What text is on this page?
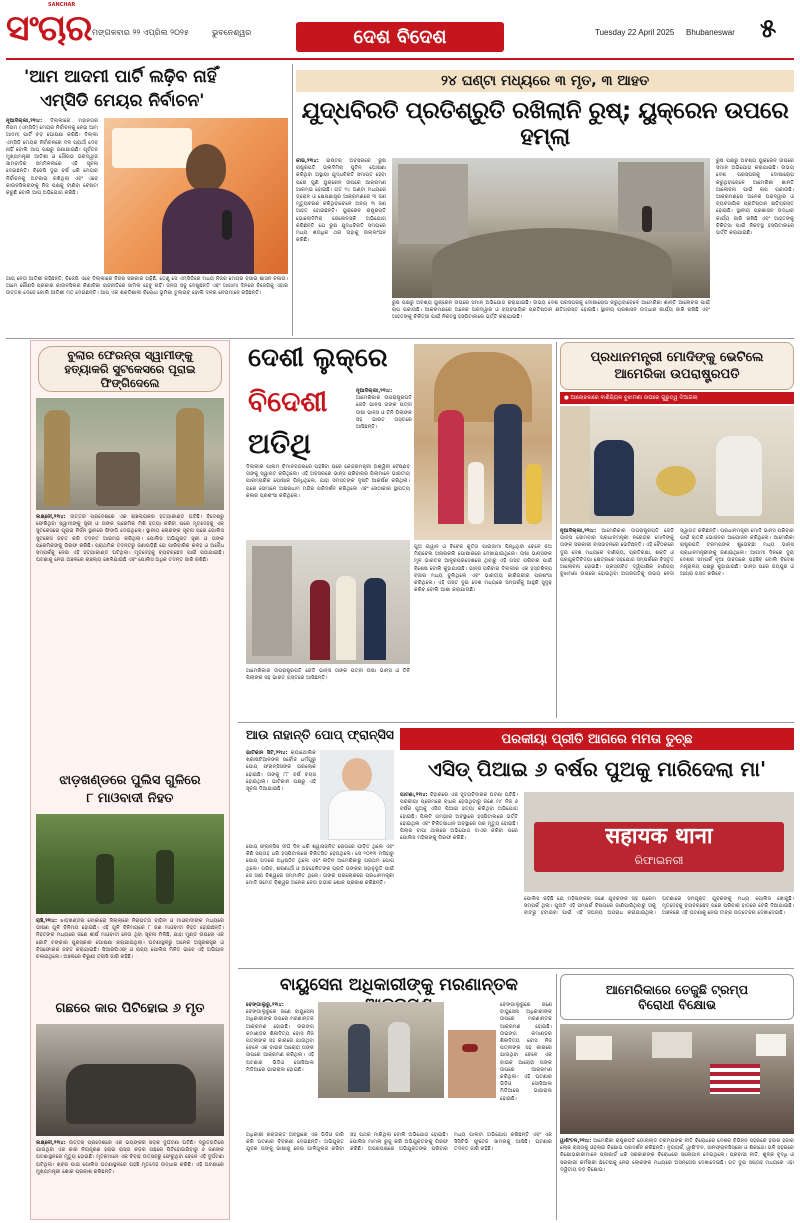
ସଂଚାର
SANCHAR
ମଙ୍ଗଳବାର ୨୨ ଏପ୍ରିଲ ୨୦୨୫	ଭୁବନେଶ୍ୱର	ଦେଶ ବିଦେଶ	Tuesday 22 April 2025 Bhubaneswar ୫
'ଆମ ଆଦମୀ ପାର୍ଟି ଲଢ଼ିବ ନାହିଁ
ଏମ୍‌ସିଡି ମେୟର ନିର୍ବାଚନ'
ନୂଆଦିଲ୍ଲୀ,୨୧ା୪: ଦିଲ୍ଲୀରେ ମହାନଗର ନିଗମ (ଏମ୍‌ସିଡି) ମେୟର ନିର୍ବାଚନକୁ ନେଇ ଆମ ଆଦମୀ ପାର୍ଟି ବଡ଼ ଘୋଷଣା କରିଛି। ଦିଲ୍ଲୀ ଏମ୍‌ସିଡି ମେୟର ନିର୍ବାଚନରେ ଦଳ ପ୍ରାର୍ଥୀ ଦେବ ନାହିଁ ବୋଲି ଆପ୍‌ ପକ୍ଷରୁ ଜଣାଯାଇଛି। ପୂର୍ବତନ ମୁଖ୍ୟମନ୍ତ୍ରୀ ଆତିଶୀ ଓ ସୌରଭ ଭରଦ୍ୱାଜ ସାମ୍ବାଦିକ ସମ୍ମିଳନୀରେ ଏହି ସୂଚନା ଦେଇଛନ୍ତି। ବିଜେପି ଦୁଇ ବର୍ଷ ଧରି ମେୟର ନିର୍ବାଚନକୁ ଅଟକାଇ ରଖିଥିଲା ଏବଂ ଏବେ କାଉନସିଲରଙ୍କୁ ନିଜ ପକ୍ଷକୁ ଟାଣିବା ଚେଷ୍ଟା କରୁଛି ବୋଲି ଆପ୍‌ ଅଭିଯୋଗ କରିଛି।
ଆପ୍‌ ନେତା ଆତିଶୀ କହିଛନ୍ତି, ବିଜେପି ଏବେ ଦିଲ୍ଲୀରେ ନିଜର ସରକାର ଗଢ଼ିଛି, ତେଣୁ ସେ ଏମ୍‌ସିଡିରେ ମଧ୍ୟ ନିଜର ମେୟର ବସାଇ ଶାସନ ଚଳାଉ। ଆମେ କୌଣସି ପ୍ରକାର କାଉନସିଲର କିଣାବିକା ରାଜନୀତିରେ ସାମିଲ ହେବୁ ନାହିଁ। ଜନତା ସବୁ ଦେଖୁଛନ୍ତି ଏବଂ ଆଗାମୀ ଦିନରେ ବିଜେପିକୁ ଏହାର ଉତ୍ତର ଦେବେ ବୋଲି ଆତିଶୀ ମତ ଦେଇଛନ୍ତି। ଆପ୍‌ ଏକ ଶକ୍ତିଶାଳୀ ବିରୋଧୀ ଭୂମିକା ତୁଲାଇବ ବୋଲି ଦଳର ନେତାମାନେ କହିଛନ୍ତି।
୨୪ ଘଣ୍ଟା ମଧ୍ୟରେ ୩ ମୃତ, ୩ ଆହତ
ଯୁଦ୍ଧବିରତି ପ୍ରତିଶ୍ରୁତି ରଖିଲାନି ରୁଷ୍; ୟୁକ୍ରେନ ଉପରେ ହମ୍‌ଲା
କୀଭ,୨୧ା୪: ଇଷ୍ଟର ଅବସରରେ ରୁଷ ରାଷ୍ଟ୍ରପତି ଭ୍ଲାଦିମିର୍ ପୁଟିନ୍ ଘୋଷଣା କରିଥିବା ଅସ୍ଥାୟୀ ଯୁଦ୍ଧବିରତି ସମାପ୍ତ ହେବା ପରେ ପୁଣି ୟୁକ୍ରେନ ଉପରେ ଆକ୍ରମଣ ଆରମ୍ଭ ହୋଇଛି। ଗତ ୨୪ ଘଣ୍ଟା ମଧ୍ୟରେ ଡ୍ରୋନ ଓ କ୍ଷେପଣାସ୍ତ୍ର ଆକ୍ରମଣରେ ୩ ଜଣ ମୃତ୍ୟୁବରଣ କରିଥିବାବେଳେ ଅନ୍ୟ ୩ ଜଣ ଆହତ ହୋଇଛନ୍ତି। ୟୁକ୍ରେନ ରାଷ୍ଟ୍ରପତି ଭୋଲୋଦିମିର୍ ଜେଲେନ୍‌ସ୍କି ଅଭିଯୋଗ କରିଛନ୍ତି ଯେ ରୁଷ ଯୁଦ୍ଧବିରତି ସମୟରେ ମଧ୍ୟ ଶତାଧିକ ଥର ତାହାକୁ ଉଲ୍ଲଂଘନ କରିଛି।
ରୁଷ ପକ୍ଷରୁ ଅବଶ୍ୟ ୟୁକ୍ରେନ ଉପରେ ସମାନ ଅଭିଯୋଗ କରାଯାଇଛି। ଉଭୟ ଦେଶ ପରସ୍ପରକୁ ଦୋଷାରୋପ କରୁଥିବାବେଳେ ଆମେରିକା ଶାନ୍ତି ଆଲୋଚନା ପାଇଁ ଚାପ ପକାଉଛି। ଆକ୍ରମଣରେ ଅନେକ ଘରଦ୍ୱାର ଓ ବ୍ୟବସାୟିକ ପ୍ରତିଷ୍ଠାନ କ୍ଷତିଗ୍ରସ୍ତ ହୋଇଛି। ସ୍ଥାନୀୟ ପ୍ରଶାସନ ଉଦ୍ଧାର କାର୍ଯ୍ୟ ଜାରି ରଖିଛି ଏବଂ ଆହତଙ୍କୁ ଚିକିତ୍ସା ପାଇଁ ନିକଟସ୍ଥ ହସ୍ପିଟାଲରେ ଭର୍ତ୍ତି କରାଯାଇଛି।
ରୁଷ ପକ୍ଷରୁ ଅବଶ୍ୟ ୟୁକ୍ରେନ ଉପରେ ସମାନ ଅଭିଯୋଗ କରାଯାଇଛି। ଉଭୟ ଦେଶ ପରସ୍ପରକୁ ଦୋଷାରୋପ କରୁଥିବାବେଳେ ଆମେରିକା ଶାନ୍ତି ଆଲୋଚନା ପାଇଁ ଚାପ ପକାଉଛି। ଆକ୍ରମଣରେ ଅନେକ ଘରଦ୍ୱାର ଓ ବ୍ୟବସାୟିକ ପ୍ରତିଷ୍ଠାନ କ୍ଷତିଗ୍ରସ୍ତ ହୋଇଛି। ସ୍ଥାନୀୟ ପ୍ରଶାସନ ଉଦ୍ଧାର କାର୍ଯ୍ୟ ଜାରି ରଖିଛି ଏବଂ ଆହତଙ୍କୁ ଚିକିତ୍ସା ପାଇଁ ନିକଟସ୍ଥ ହସ୍ପିଟାଲରେ ଭର୍ତ୍ତି କରାଯାଇଛି।
ବୁଲାର ଫେରନ୍ତା ସ୍ୱାମୀଙ୍କୁ ହତ୍ୟାକରି ସୁଟକେସରେ ପୂରାଇ ଫିଙ୍ଗିଦେଲେ
ଲକ୍ଷ୍ନୌ,୨୧ା୪: ଉତ୍ତର ପ୍ରଦେଶରେ ଏକ ଚାଞ୍ଚଲ୍ୟକର ହତ୍ୟାକାଣ୍ଡ ଘଟିଛି। ବିଦେଶରୁ ଫେରିଥିବା ସ୍ୱାମୀଙ୍କୁ ସ୍ତ୍ରୀ ଓ ତାଙ୍କ ପ୍ରେମିକ ମିଶି ହତ୍ୟା କରିବା ପରେ ମୃତଦେହକୁ ଏକ ସୁଟକେସରେ ପୂରାଇ ନିର୍ଜନ ସ୍ଥାନରେ ଫିଙ୍ଗି ଦେଇଥିଲେ। ସ୍ଥାନୀୟ ଲୋକଙ୍କ ସୂଚନା ପରେ ପୋଲିସ ସୁଟକେସ ଜବତ କରି ତଦନ୍ତ ଆରମ୍ଭ କରିଥିଲା। ପୋଲିସ ଅଭିଯୁକ୍ତ ସ୍ତ୍ରୀ ଓ ତାଙ୍କ ପ୍ରେମିକଙ୍କୁ ଗିରଫ କରିଛି। ପ୍ରାଥମିକ ତଦନ୍ତରୁ ଜଣାପଡ଼ିଛି ଯେ ପାରିବାରିକ କଳହ ଓ ଅବୈଧ ସମ୍ପର୍କକୁ ନେଇ ଏହି ହତ୍ୟାକାଣ୍ଡ ଘଟିଥିଲା। ମୃତଦେହକୁ ବ୍ୟବଚ୍ଛେଦ ପାଇଁ ପଠାଯାଇଛି। ଘଟଣାକୁ ନେଇ ଅଞ୍ଚଳରେ ଚାଞ୍ଚଲ୍ୟ ଖେଳିଯାଇଛି ଏବଂ ପୋଲିସ ଅଧିକ ତଦନ୍ତ ଜାରି ରଖିଛି।
ଝାଡ଼ଖଣ୍ଡରେ ପୁଲିସ ଗୁଳିରେ
୮ ମାଓବାଦୀ ନିହତ
ରାଞ୍ଚି,୨୧ା୪: ଝାଡ଼ଖଣ୍ଡର ବୋକାରୋ ଜିଲ୍ଲାରେ ନିରାପତ୍ତା ବାହିନୀ ଓ ମାଓବାଦୀଙ୍କ ମଧ୍ୟରେ ଭୀଷଣ ଗୁଳି ବିନିମୟ ହୋଇଛି। ଏହି ଗୁଳି ବିନିମୟରେ ୮ ଜଣ ମାଓବାଦୀ ନିହତ ହୋଇଛନ୍ତି। ନିହତଙ୍କ ମଧ୍ୟରେ ଜଣେ ଶୀର୍ଷ ମାଓବାଦୀ ନେତା ଥିବା ସୂଚନା ମିଳିଛି, ଯାହା ମୁଣ୍ଡ ଉପରେ ଏକ କୋଟି ଟଙ୍କାର ପୁରସ୍କାର ଘୋଷଣା କରାଯାଇଥିଲା। ଘଟଣାସ୍ଥଳରୁ ଅନେକ ଅସ୍ତ୍ରଶସ୍ତ୍ର ଓ ବିସ୍ଫୋରକ ଜବତ କରାଯାଇଛି। ସିଆରପିଏଫ୍ ଓ ରାଜ୍ୟ ପୋଲିସ ମିଳିତ ଭାବେ ଏହି ଅଭିଯାନ ଚଳାଇଥିଲେ। ଅଞ୍ଚଳରେ ଚିରୁଣୀ ତଲାସି ଜାରି ରହିଛି।
ଗଛରେ କାର ପିଟିହୋଇ ୬ ମୃତ
ଲକ୍ଷ୍ନୌ,୨୧ା୪: ଉତ୍ତର ପ୍ରଦେଶରେ ଏକ ଭୟଙ୍କର ସଡ଼କ ଦୁର୍ଘଟଣା ଘଟିଛି। ଦ୍ରୁତଗତିରେ ଯାଉଥିବା ଏକ କାର ନିୟନ୍ତ୍ରଣ ହରାଇ ରାସ୍ତା କଡ଼ର ଗଛରେ ପିଟିହୋଇଯିବାରୁ ୬ ଜଣଙ୍କ ଘଟଣାସ୍ଥଳରେ ମୃତ୍ୟୁ ହୋଇଛି। ମୃତକମାନେ ଏକ ବିବାହ ଉତ୍ସବରୁ ଫେରୁଥିବା ବେଳେ ଏହି ଦୁର୍ଘଟଣା ଘଟିଥିଲା। ଖବର ପାଇ ପୋଲିସ ଘଟଣାସ୍ଥଳରେ ପହଞ୍ଚି ମୃତଦେହ ଉଦ୍ଧାର କରିଛି। ଏହି ଘଟଣାରେ ମୁଖ୍ୟମନ୍ତ୍ରୀ ଶୋକ ପ୍ରକାଶ କରିଛନ୍ତି।
ଦେଶୀ ଲୁକ୍‌ରେ
ବିଦେଶୀ
ଅତିଥି
ନୂଆଦିଲ୍ଲୀ,୨୧ା୪: ଆମେରିକାର ଉପରାଷ୍ଟ୍ରପତି ଜେଡି ଭାନ୍ସ ତାଙ୍କ ପତ୍ନୀ ଉଷା ଭାନ୍ସ ଓ ତିନି ପିଲାଙ୍କ ସହ ଭାରତ ଗସ୍ତରେ ଆସିଛନ୍ତି।
ଦିଲ୍ଲୀର ପାଲମ ବିମାନବନ୍ଦରରେ ପହଞ୍ଚିବା ପରେ କେନ୍ଦ୍ରମନ୍ତ୍ରୀ ଅଶ୍ୱିନୀ ବୈଷ୍ଣବ ତାଙ୍କୁ ସ୍ୱାଗତ କରିଥିଲେ। ଏହି ଅବସରରେ ଭାନ୍ସ ପରିବାରର ପିଲାମାନେ ଭାରତୀୟ ପାରମ୍ପରିକ ପୋଷାକ ପିନ୍ଧିଥିଲେ, ଯାହା ସମସ୍ତଙ୍କ ଦୃଷ୍ଟି ଆକର୍ଷଣ କରିଥିଲା। ପରେ ସେମାନେ ଅକ୍ଷରଧାମ ମନ୍ଦିର ପରିଦର୍ଶନ କରିଥିଲେ ଏବଂ ସେଠାକାର ସ୍ଥାପତ୍ୟ କଳାର ପ୍ରଶଂସା କରିଥିଲେ।
ପୁଅ ଇୱାନ ଓ ବିବେକ କୁର୍ତ୍ତା ପାଇଜାମା ପିନ୍ଧିଥିବା ବେଳେ ଝିଅ ମିରାବେଲ ଅନାରକଲି ପୋଷାକରେ ଦେଖାଯାଇଥିଲେ। ଉଷା ଭାନ୍ସଙ୍କ ମୂଳ ଭାରତର ଆନ୍ଧ୍ରପ୍ରଦେଶରେ ଥିବାରୁ ଏହି ଗସ୍ତ ପରିବାର ପାଇଁ ବିଶେଷ ବୋଲି କୁହାଯାଉଛି। ଭାନ୍ସ ପରିବାର ଦିଲ୍ଲୀର ଏକ ହସ୍ତଶିଳ୍ପ ବଜାର ମଧ୍ୟ ବୁଲିଥିଲେ ଏବଂ ଭାରତୀୟ କାରିଗରୀର ପ୍ରଶଂସା କରିଥିଲେ। ଏହି ଗସ୍ତ ଦୁଇ ଦେଶ ମଧ୍ୟରେ ସମ୍ପର୍କକୁ ଆହୁରି ସୁଦୃଢ଼ କରିବ ବୋଲି ଆଶା କରାଯାଉଛି।
ଆମେରିକାର ଉପରାଷ୍ଟ୍ରପତି ଜେଡି ଭାନ୍ସ ତାଙ୍କ ପତ୍ନୀ ଉଷା ଭାନ୍ସ ଓ ତିନି ପିଲାଙ୍କ ସହ ଭାରତ ଗସ୍ତରେ ଆସିଛନ୍ତି।
ପ୍ରଧାନମନ୍ତ୍ରୀ ମୋଦିଙ୍କୁ ଭେଟିଲେ
ଆମେରିକା ଉପରାଷ୍ଟ୍ରପତି
● ଆଲୋଚନାରେ ବାଣିଜ୍ୟିକ ବୁଝାମଣା ଉପରେ ଗୁରୁତ୍ୱ ଦିଆଗଲା
ନୂଆଦିଲ୍ଲୀ,୨୧ା୪: ଆମେରିକାର ଉପରାଷ୍ଟ୍ରପତି ଜେଡି ଭାନ୍ସ ସୋମବାର ପ୍ରଧାନମନ୍ତ୍ରୀ ନରେନ୍ଦ୍ର ମୋଦିଙ୍କୁ ତାଙ୍କ ସରକାରୀ ବାସଭବନରେ ଭେଟିଛନ୍ତି। ଏହି ବୈଠକରେ ଦୁଇ ଦେଶ ମଧ୍ୟରେ ବାଣିଜ୍ୟ, ପ୍ରତିରକ୍ଷା, ଶକ୍ତି ଓ ପ୍ରଯୁକ୍ତିବିଦ୍ୟା କ୍ଷେତ୍ରରେ ସହଯୋଗ ସମ୍ପର୍କରେ ବିସ୍ତୃତ ଆଲୋଚନା ହୋଇଛି। ପ୍ରସ୍ତାବିତ ଦ୍ୱିପାକ୍ଷିକ ବାଣିଜ୍ୟ ବୁଝାମଣା ଉପରେ ହୋଇଥିବା ଅଗ୍ରଗତିକୁ ଉଭୟ ନେତା ସ୍ୱାଗତ କରିଛନ୍ତି। ପ୍ରଧାନମନ୍ତ୍ରୀ ମୋଦି ଭାନ୍ସ ପରିବାର ପାଇଁ ରାତ୍ରି ଭୋଜନର ଆୟୋଜନ କରିଥିଲେ। ଆମେରିକା ରାଷ୍ଟ୍ରପତି ଟ୍ରମ୍ପଙ୍କ ଶୁଭେଚ୍ଛା ମଧ୍ୟ ଭାନ୍ସ ପ୍ରଧାନମନ୍ତ୍ରୀଙ୍କୁ ଜଣାଇଥିଲେ। ଆଗାମୀ ଦିନରେ ଦୁଇ ଦେଶର ସମ୍ପର୍କ ନୂଆ ଉଚ୍ଚତାରେ ପହଞ୍ଚିବ ବୋଲି ବିଦେଶ ମନ୍ତ୍ରାଳୟ ପକ୍ଷରୁ କୁହାଯାଇଛି। ଭାନ୍ସ ପରେ ଜୟପୁର ଓ ଆଗ୍ରା ଗସ୍ତ କରିବେ।
ଆଉ ନାହାନ୍ତି ପୋପ୍ ଫ୍ରାନ୍ସିସ
ଭାଟିକାନ ସିଟି,୨୧ା୪: କ୍ୟାଥୋଲିକ ଖ୍ରୀଷ୍ଟିଆନଙ୍କ ସର୍ବୋଚ୍ଚ ଧର୍ମଗୁରୁ ପୋପ୍ ଫ୍ରାନ୍ସିସଙ୍କ ପରଲୋକ ହୋଇଛି। ତାଙ୍କୁ ୮୮ ବର୍ଷ ବୟସ ହୋଇଥିଲା। ଭାଟିକାନ ପକ୍ଷରୁ ଏହି ସୂଚନା ଦିଆଯାଇଛି।
ପୋପ୍ ଫ୍ରାନ୍ସିସ ଦୀର୍ଘ ଦିନ ଧରି ଶ୍ୱାସଜନିତ ରୋଗରେ ପୀଡ଼ିତ ଥିଲେ ଏବଂ କିଛି ସପ୍ତାହ ଧରି ହସ୍ପିଟାଲରେ ଚିକିତ୍ସିତ ହେଉଥିଲେ। ସେ ୨୦୧୩ ମସିହାରୁ ପୋପ୍ ପଦରେ ଅଧିଷ୍ଠିତ ଥିଲେ ଏବଂ ଲାଟିନ ଆମେରିକାରୁ ପ୍ରଥମ ପୋପ୍ ଥିଲେ। ଗରିବ, ଶରଣାର୍ଥୀ ଓ ଅବହେଳିତଙ୍କ ପ୍ରତି ତାଙ୍କର ସହାନୁଭୂତି ପାଇଁ ସେ ସାରା ବିଶ୍ୱରେ ସମ୍ମାନିତ ଥିଲେ। ତାଙ୍କ ପରଲୋକରେ ପ୍ରଧାନମନ୍ତ୍ରୀ ମୋଦି ସମେତ ବିଶ୍ୱର ଅନେକ ନେତା ଗଭୀର ଶୋକ ପ୍ରକାଶ କରିଛନ୍ତି।
ପରକୀୟା ପ୍ରୀତି ଆଗରେ ମମତା ତୁଚ୍ଛ
ଏସିଡ୍ ପିଆଇ ୬ ବର୍ଷର ପୁଅକୁ ମାରିଦେଲା ମା'
ପାଟଣା,୨୧ା୪: ବିହାରରେ ଏକ ହୃଦୟବିଦାରକ ଘଟଣା ଘଟିଛି। ପରକୀୟା ପ୍ରେମରେ ବାଧକ ହେଉଥିବାରୁ ଜଣେ ମା' ନିଜ ୬ ବର୍ଷର ପୁଅକୁ ଏସିଡ୍ ପିଆଇ ହତ୍ୟା କରିଥିବା ଅଭିଯୋଗ ହୋଇଛି। ପିଲାଟି ଗମ୍ଭୀର ଅବସ୍ଥାରେ ହସ୍ପିଟାଲରେ ଭର୍ତ୍ତି ହୋଇଥିଲା ଏବଂ ଚିକିତ୍ସାଧୀନ ଅବସ୍ଥାରେ ତାର ମୃତ୍ୟୁ ହୋଇଛି। ପିଲାର ବାପା ଥାନାରେ ଅଭିଯୋଗ ଦାଏର କରିବା ପରେ ପୋଲିସ ମହିଳାଙ୍କୁ ଗିରଫ କରିଛି।	सहायक थाना
ରିଫାଇନରୀ
ପୋଲିସ କହିଛି ଯେ ମହିଳାଙ୍କର ଜଣେ ଯୁବକଙ୍କ ସହ ପ୍ରେମ ସମ୍ପର୍କ ଥିଲା। ପୁଅଟି ଏହି ସମ୍ପର୍କ ବିଷୟରେ ଜାଣିପାରିଥିବାରୁ ତାକୁ ବାଟରୁ ହଟାଇବା ପାଇଁ ଏହି ଜଘନ୍ୟ ଅପରାଧ କରାଯାଇଥିଲା। ଘଟଣାରେ ସମ୍ପୃକ୍ତ ଯୁବକଙ୍କୁ ମଧ୍ୟ ପୋଲିସ ଖୋଜୁଛି। ମୃତଦେହକୁ ବ୍ୟବଚ୍ଛେଦ ପରେ ପରିବାର ହାତରେ ଟେକି ଦିଆଯାଇଛି। ଅଞ୍ଚଳରେ ଏହି ଘଟଣାକୁ ନେଇ ତୀବ୍ର ଉତ୍ତେଜନା ଦେଖାଦେଇଛି।
ବାୟୁସେନା ଅଧିକାରୀଙ୍କୁ ମରଣାନ୍ତକ
ବେଙ୍ଗାଲୁରୁ,୨୧ା୪: ବେଙ୍ଗାଲୁରୁରେ ଜଣେ ବାୟୁସେନା ଅଧିକାରୀଙ୍କ ଉପରେ ମରଣାନ୍ତକ ଆକ୍ରମଣ ହୋଇଛି। ଉଇଙ୍ଗ କମାଣ୍ଡର ଶିଳାଦିତ୍ୟ ବୋସ ନିଜ ପତ୍ନୀଙ୍କ ସହ କାରରେ ଯାଉଥିବା ବେଳେ ଏକ ବାଇକ ଆରୋହୀ ତାଙ୍କ ଉପରେ ଆକ୍ରମଣ କରିଥିଲା। ଏହି ଘଟଣାର ଭିଡିଓ ସୋସିଆଲ ମିଡିଆରେ ଭାଇରାଲ ହୋଇଛି।
ବେଙ୍ଗାଲୁରୁରେ ଜଣେ ବାୟୁସେନା ଅଧିକାରୀଙ୍କ ଉପରେ ମରଣାନ୍ତକ ଆକ୍ରମଣ ହୋଇଛି। ଉଇଙ୍ଗ କମାଣ୍ଡର ଶିଳାଦିତ୍ୟ ବୋସ ନିଜ ପତ୍ନୀଙ୍କ ସହ କାରରେ ଯାଉଥିବା ବେଳେ ଏକ ବାଇକ ଆରୋହୀ ତାଙ୍କ ଉପରେ ଆକ୍ରମଣ କରିଥିଲା। ଏହି ଘଟଣାର ଭିଡିଓ ସୋସିଆଲ ମିଡିଆରେ ଭାଇରାଲ ହୋଇଛି।
ଅଧିକାରୀ ରକ୍ତାକ୍ତ ଅବସ୍ଥାରେ ଏକ ଭିଡିଓ ଜାରି କରି ଘଟଣାର ବିବରଣୀ ଦେଇଛନ୍ତି। ଅଭିଯୁକ୍ତ ଯୁବକ ତାଙ୍କୁ ଭାଷାକୁ ନେଇ ଗାଳିଗୁଲଜ କରିବା ସହ ପଥର ମାରିଥିଲା ବୋଲି ଅଭିଯୋଗ ହୋଇଛି। ପୋଲିସ ମାମଲା ରୁଜୁ କରି ଅଭିଯୁକ୍ତଙ୍କୁ ଗିରଫ କରିଛି। ଅପରପକ୍ଷରେ ଅଭିଯୁକ୍ତଙ୍କ ପରିବାର ମଧ୍ୟ ପାଲଟା ଅଭିଯୋଗ କରିଛନ୍ତି ଏବଂ ଏକ ସିସିଟିଭି ଫୁଟେଜ ସାମ୍ନାକୁ ଆସିଛି। ଘଟଣାର ତଦନ୍ତ ଜାରି ରହିଛି।
ଆମେରିକାରେ ତେଜୁଛି ଟ୍ରମ୍ପ
ବିରୋଧୀ ବିକ୍ଷୋଭ
ୱାଶିଂଟନ,୨୧ା୪: ଆମେରିକା ରାଷ୍ଟ୍ରପତି ଡୋନାଲ୍ଡ ଟ୍ରମ୍ପଙ୍କ ନୀତି ବିରୋଧରେ ଦେଶର ବିଭିନ୍ନ ସହରରେ ହଜାର ହଜାର ଲୋକ ରାସ୍ତାକୁ ଓହ୍ଲାଇ ବିକ୍ଷୋଭ ପ୍ରଦର୍ଶନ କରିଛନ୍ତି। ନ୍ୟୁୟର୍କ, ୱାଶିଂଟନ, ସାନଫ୍ରାନସିସ୍କୋ ଓ ଶିକାଗୋ ଭଳି ସହରରେ ବିକ୍ଷୋଭକାରୀମାନେ ପ୍ଲାକାର୍ଡ ଧରି ସରକାରଙ୍କ ବିରୋଧରେ ସ୍ଲୋଗାନ ଦେଇଥିଲେ। ପ୍ରବାସୀ ନୀତି, ଶୁଳ୍କ ବୃଦ୍ଧି ଓ ସରକାରୀ କର୍ମଚାରୀ ଛଟେଇକୁ ନେଇ ଲୋକଙ୍କ ମଧ୍ୟରେ ଅସନ୍ତୋଷ ଦେଖାଦେଇଛି। ଗତ ଦୁଇ ସପ୍ତାହ ମଧ୍ୟରେ ଏହା ଦ୍ୱିତୀୟ ବଡ଼ ବିକ୍ଷୋଭ।
